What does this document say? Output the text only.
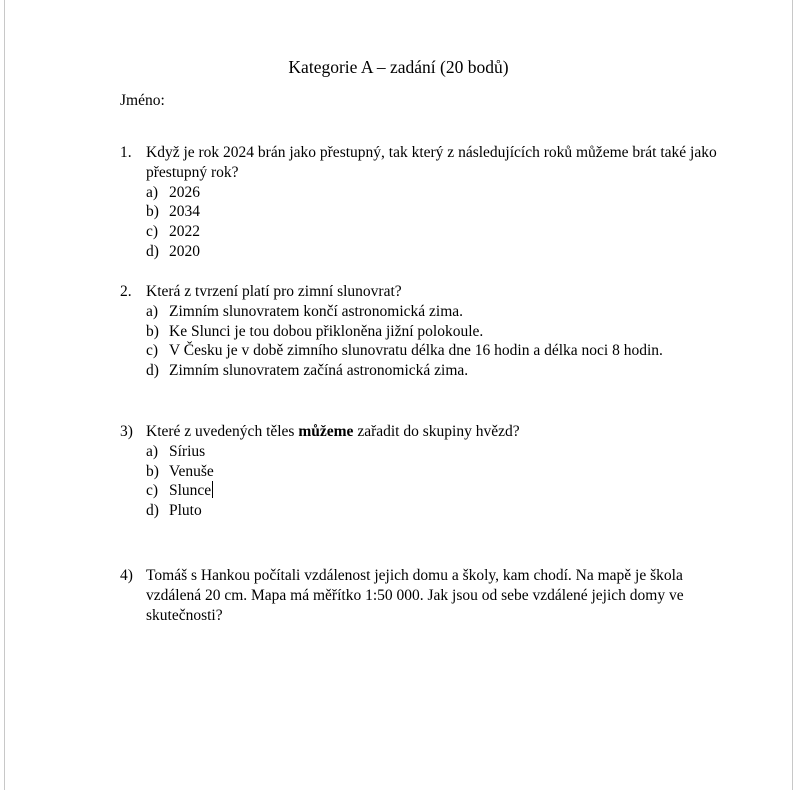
Kategorie A – zadání (20 bodů)
Jméno:
1. Když je rok 2024 brán jako přestupný, tak který z následujících roků můžeme brát také jako přestupný rok?
a) 2026
b) 2034
c) 2022
d) 2020
2. Která z tvrzení platí pro zimní slunovrat?
a) Zimním slunovratem končí astronomická zima.
b) Ke Slunci je tou dobou přikloněna jižní polokoule.
c) V Česku je v době zimního slunovratu délka dne 16 hodin a délka noci 8 hodin.
d) Zimním slunovratem začíná astronomická zima.
3) Které z uvedených těles můžeme zařadit do skupiny hvězd?
a) Sírius
b) Venuše
c) Slunce
d) Pluto
4) Tomáš s Hankou počítali vzdálenost jejich domu a školy, kam chodí. Na mapě je škola vzdálená 20 cm. Mapa má měřítko 1:50 000. Jak jsou od sebe vzdálené jejich domy ve skutečnosti?
